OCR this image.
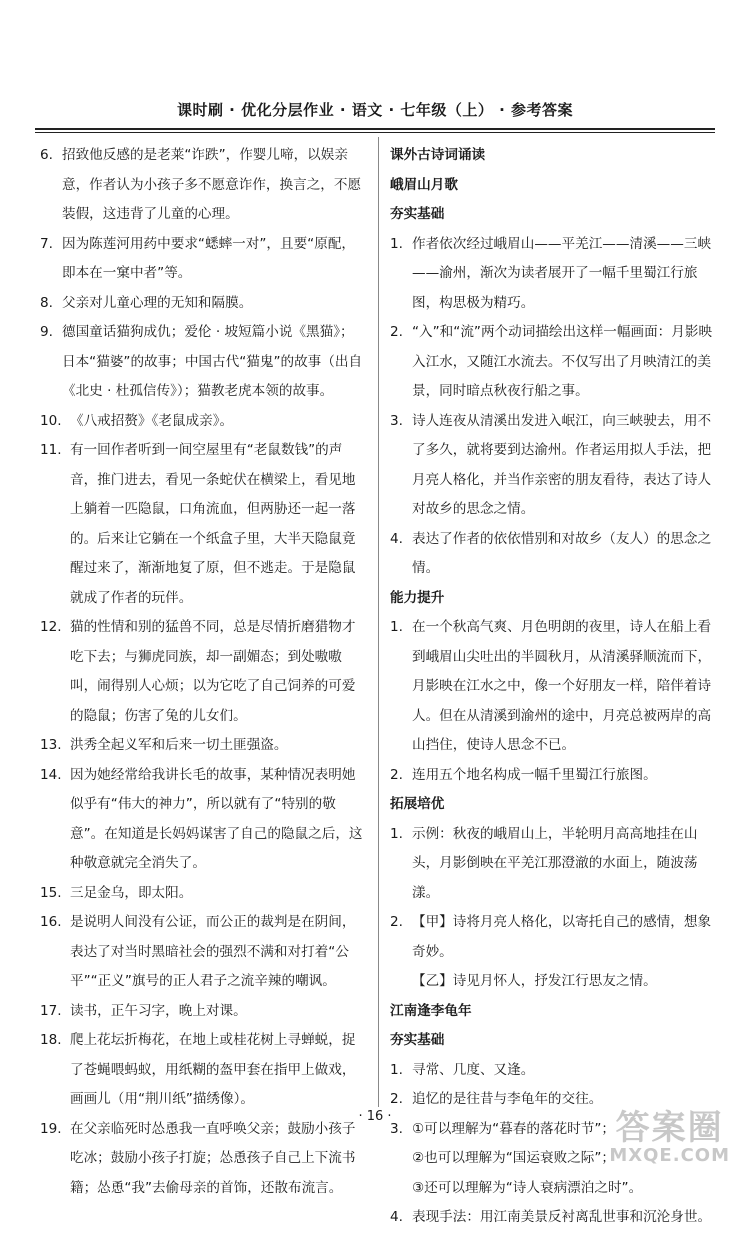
课时刷 · 优化分层作业 · 语文 · 七年级（上） · 参考答案
6. 招致他反感的是老莱“诈跌”，作婴儿啼，以娱亲意，作者认为小孩子多不愿意诈作，换言之，不愿装假，这违背了儿童的心理。
7. 因为陈莲河用药中要求“蟋蟀一对”，且要“原配，即本在一窠中者”等。
8. 父亲对儿童心理的无知和隔膜。
9. 德国童话猫狗成仇；爱伦 · 坡短篇小说《黑猫》；日本“猫婆”的故事；中国古代“猫鬼”的故事（出自《北史 · 杜孤信传》）；猫教老虎本领的故事。
10. 《八戒招赘》《老鼠成亲》。
11. 有一回作者听到一间空屋里有“老鼠数钱”的声音，推门进去，看见一条蛇伏在横梁上，看见地上躺着一匹隐鼠，口角流血，但两胁还一起一落的。后来让它躺在一个纸盒子里，大半天隐鼠竟醒过来了，渐渐地复了原，但不逃走。于是隐鼠就成了作者的玩伴。
12. 猫的性情和别的猛兽不同，总是尽情折磨猎物才吃下去；与狮虎同族，却一副媚态；到处嗷嗷叫，闹得别人心烦；以为它吃了自己饲养的可爱的隐鼠；伤害了兔的儿女们。
13. 洪秀全起义军和后来一切土匪强盗。
14. 因为她经常给我讲长毛的故事，某种情况表明她似乎有“伟大的神力”，所以就有了“特别的敬意”。在知道是长妈妈谋害了自己的隐鼠之后，这种敬意就完全消失了。
15. 三足金乌，即太阳。
16. 是说明人间没有公证，而公正的裁判是在阴间，表达了对当时黑暗社会的强烈不满和对打着“公平”“正义”旗号的正人君子之流辛辣的嘲讽。
17. 读书，正午习字，晚上对课。
18. 爬上花坛折梅花，在地上或桂花树上寻蝉蜕，捉了苍蝇喂蚂蚁，用纸糊的盔甲套在指甲上做戏，画画儿（用“荆川纸”描绣像）。
19. 在父亲临死时怂恿我一直呼唤父亲；鼓励小孩子吃冰；鼓励小孩子打旋；怂恿孩子自己上下流书籍；怂恿“我”去偷母亲的首饰，还散布流言。
课外古诗词诵读
峨眉山月歌
夯实基础
1. 作者依次经过峨眉山——平羌江——清溪——三峡——渝州，渐次为读者展开了一幅千里蜀江行旅图，构思极为精巧。
2. “入”和“流”两个动词描绘出这样一幅画面：月影映入江水，又随江水流去。不仅写出了月映清江的美景，同时暗点秋夜行船之事。
3. 诗人连夜从清溪出发进入岷江，向三峡驶去，用不了多久，就将要到达渝州。作者运用拟人手法，把月亮人格化，并当作亲密的朋友看待，表达了诗人对故乡的思念之情。
4. 表达了作者的依依惜别和对故乡（友人）的思念之情。
能力提升
1. 在一个秋高气爽、月色明朗的夜里，诗人在船上看到峨眉山尖吐出的半圆秋月，从清溪驿顺流而下，月影映在江水之中，像一个好朋友一样，陪伴着诗人。但在从清溪到渝州的途中，月亮总被两岸的高山挡住，使诗人思念不已。
2. 连用五个地名构成一幅千里蜀江行旅图。
拓展培优
1. 示例：秋夜的峨眉山上，半轮明月高高地挂在山头，月影倒映在平羌江那澄澈的水面上，随波荡漾。
2. 【甲】诗将月亮人格化，以寄托自己的感情，想象奇妙。
【乙】诗见月怀人，抒发江行思友之情。
江南逢李龟年
夯实基础
1. 寻常、几度、又逢。
2. 追忆的是往昔与李龟年的交往。
3. ①可以理解为“暮春的落花时节”；
②也可以理解为“国运衰败之际”；
③还可以理解为“诗人衰病漂泊之时”。
4. 表现手法：用江南美景反衬离乱世事和沉沦身世。
· 16 ·	答案圈
MXQE.COM
